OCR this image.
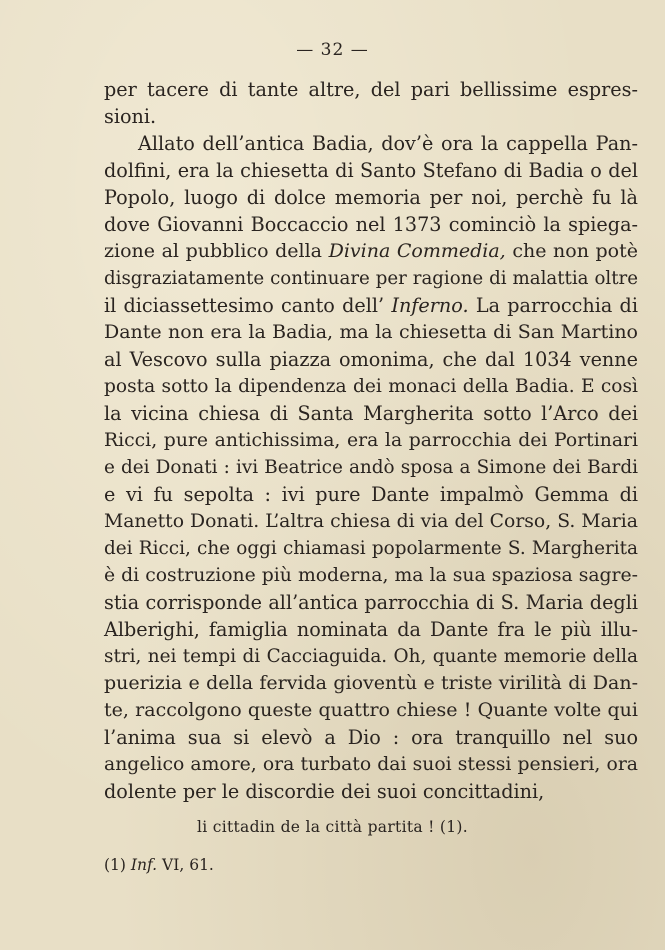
— 32 —
per tacere di tante altre, del pari bellissime espres-
sioni.
Allato dell’antica Badia, dov’è ora la cappella Pan-
dolfini, era la chiesetta di Santo Stefano di Badia o del
Popolo, luogo di dolce memoria per noi, perchè fu là
dove Giovanni Boccaccio nel 1373 cominciò la spiega-
zione al pubblico della Divina Commedia, che non potè
disgraziatamente continuare per ragione di malattia oltre
il diciassettesimo canto dell’ Inferno. La parrocchia di
Dante non era la Badia, ma la chiesetta di San Martino
al Vescovo sulla piazza omonima, che dal 1034 venne
posta sotto la dipendenza dei monaci della Badia. E così
la vicina chiesa di Santa Margherita sotto l’Arco dei
Ricci, pure antichissima, era la parrocchia dei Portinari
e dei Donati : ivi Beatrice andò sposa a Simone dei Bardi
e vi fu sepolta : ivi pure Dante impalmò Gemma di
Manetto Donati. L’altra chiesa di via del Corso, S. Maria
dei Ricci, che oggi chiamasi popolarmente S. Margherita
è di costruzione più moderna, ma la sua spaziosa sagre-
stia corrisponde all’antica parrocchia di S. Maria degli
Alberighi, famiglia nominata da Dante fra le più illu-
stri, nei tempi di Cacciaguida. Oh, quante memorie della
puerizia e della fervida gioventù e triste virilità di Dan-
te, raccolgono queste quattro chiese ! Quante volte qui
l’anima sua si elevò a Dio : ora tranquillo nel suo
angelico amore, ora turbato dai suoi stessi pensieri, ora
dolente per le discordie dei suoi concittadini,
li cittadin de la città partita ! (1).
(1) Inf. VI, 61.
